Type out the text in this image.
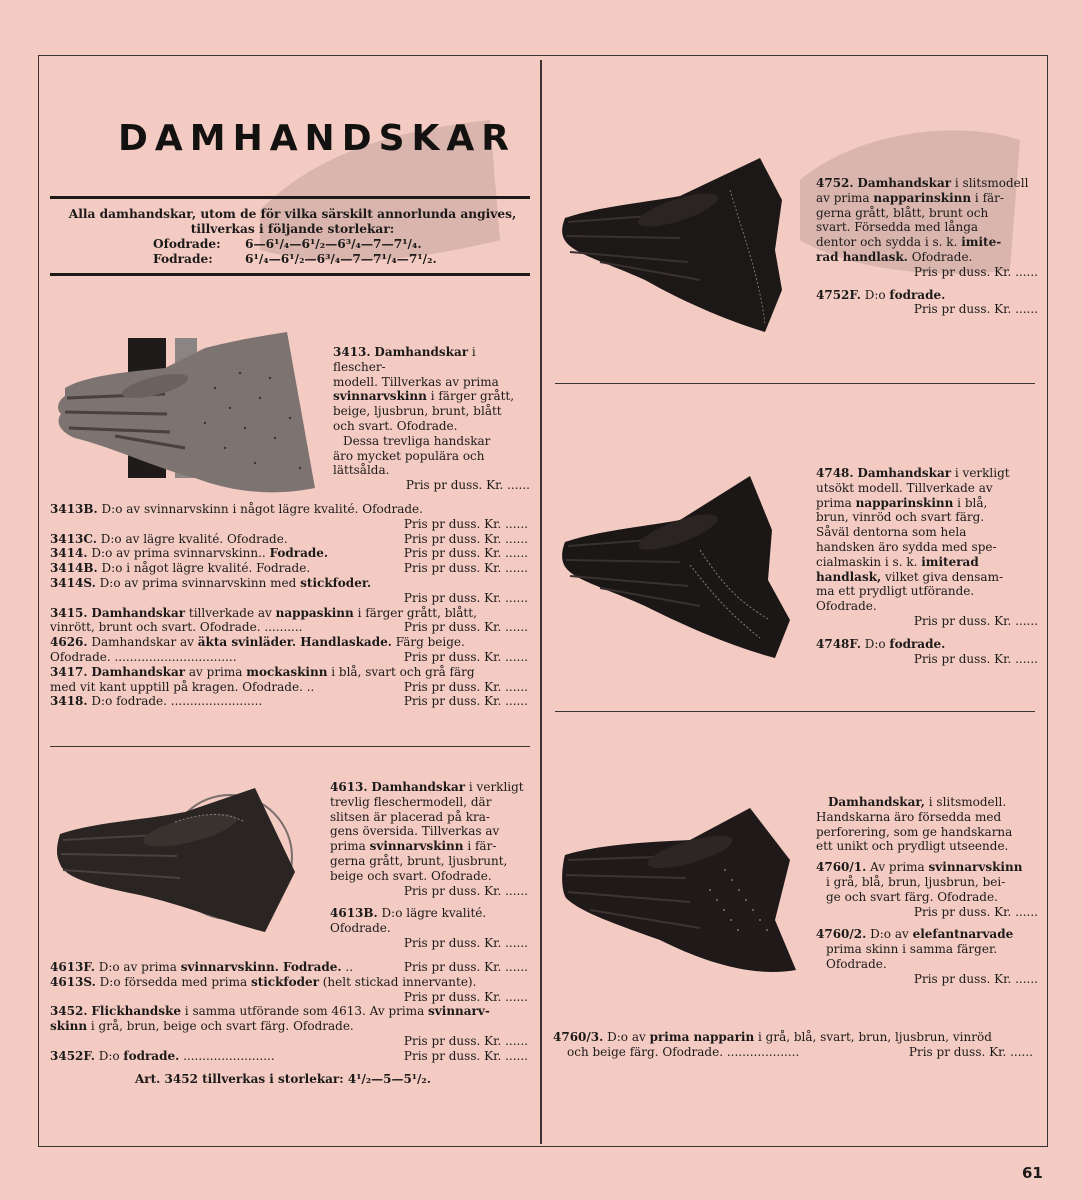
DAMHANDSKAR
Alla damhandskar, utom de för vilka särskilt annorlunda angives, tillverkas i följande storlekar:
Ofodrade: 6—6¹/₄—6¹/₂—6³/₄—7—7¹/₄.
Fodrade:	6¹/₄—6¹/₂—6³/₄—7—7¹/₄—7¹/₂.

3413. Damhandskar i flescher-

modell. Tillverkas av prima

svinnarvskinn i färger grått,

beige, ljusbrun, brunt, blått

och svart. Ofodrade.

Dessa trevliga handskar

äro mycket populära och

lättsålda.

Pris pr duss. Kr. ......

3413B. D:o av svinnarvskinn i något lägre kvalité. Ofodrade.

Pris pr duss. Kr. ......

3413C. D:o av lägre kvalité. Ofodrade.	Pris pr duss. Kr. ......

3414. D:o av prima svinnarvskinn.. Fodrade.	Pris pr duss. Kr. ......

3414B. D:o i något lägre kvalité. Fodrade.	Pris pr duss. Kr. ......

3414S. D:o av prima svinnarvskinn med stickfoder.

Pris pr duss. Kr. ......

3415. Damhandskar tillverkade av nappaskinn i färger grått, blått,

vinrött, brunt och svart. Ofodrade. ..........	Pris pr duss. Kr. ......

4626. Damhandskar av äkta svinläder. Handlaskade. Färg beige.

Ofodrade. ................................	Pris pr duss. Kr. ......

3417. Damhandskar av prima mockaskinn i blå, svart och grå färg

med vit kant upptill på kragen. Ofodrade. ..	Pris pr duss. Kr. ......

3418. D:o fodrade. ........................	Pris pr duss. Kr. ......

4613. Damhandskar i verkligt

trevlig fleschermodell, där

slitsen är placerad på kra-

gens översida. Tillverkas av

prima svinnarvskinn i fär-

gerna grått, brunt, ljusbrunt,

beige och svart. Ofodrade.

Pris pr duss. Kr. ......

4613B. D:o lägre kvalité.

Ofodrade.

Pris pr duss. Kr. ......

4613F. D:o av prima svinnarvskinn. Fodrade. ..	Pris pr duss. Kr. ......

4613S. D:o försedda med prima stickfoder (helt stickad innervante).

Pris pr duss. Kr. ......

3452. Flickhandske i samma utförande som 4613. Av prima svinnarv-

skinn i grå, brun, beige och svart färg. Ofodrade.

Pris pr duss. Kr. ......

3452F. D:o fodrade. ........................	Pris pr duss. Kr. ......

Art. 3452 tillverkas i storlekar: 4¹/₂—5—5¹/₂.

4752. Damhandskar i slitsmodell

av prima napparinskinn i fär-

gerna grått, blått, brunt och

svart. Försedda med långa

dentor och sydda i s. k. imite-

rad handlask. Ofodrade.

Pris pr duss. Kr. ......

4752F. D:o fodrade.

Pris pr duss. Kr. ......

4748. Damhandskar i verkligt

utsökt modell. Tillverkade av

prima napparinskinn i blå,

brun, vinröd och svart färg.

Såväl dentorna som hela

handsken äro sydda med spe-

cialmaskin i s. k. imiterad

handlask, vilket giva densam-

ma ett prydligt utförande.

Ofodrade.

Pris pr duss. Kr. ......

4748F. D:o fodrade.

Pris pr duss. Kr. ......

Damhandskar, i slitsmodell.

Handskarna äro försedda med

perforering, som ge handskarna

ett unikt och prydligt utseende.

4760/1. Av prima svinnarvskinn

i grå, blå, brun, ljusbrun, bei-

ge och svart färg. Ofodrade.

Pris pr duss. Kr. ......

4760/2. D:o av elefantnarvade

prima skinn i samma färger.

Ofodrade.

Pris pr duss. Kr. ......

4760/3. D:o av prima napparin i grå, blå, svart, brun, ljusbrun, vinröd

och beige färg. Ofodrade. ...................	Pris pr duss. Kr. ......

61
